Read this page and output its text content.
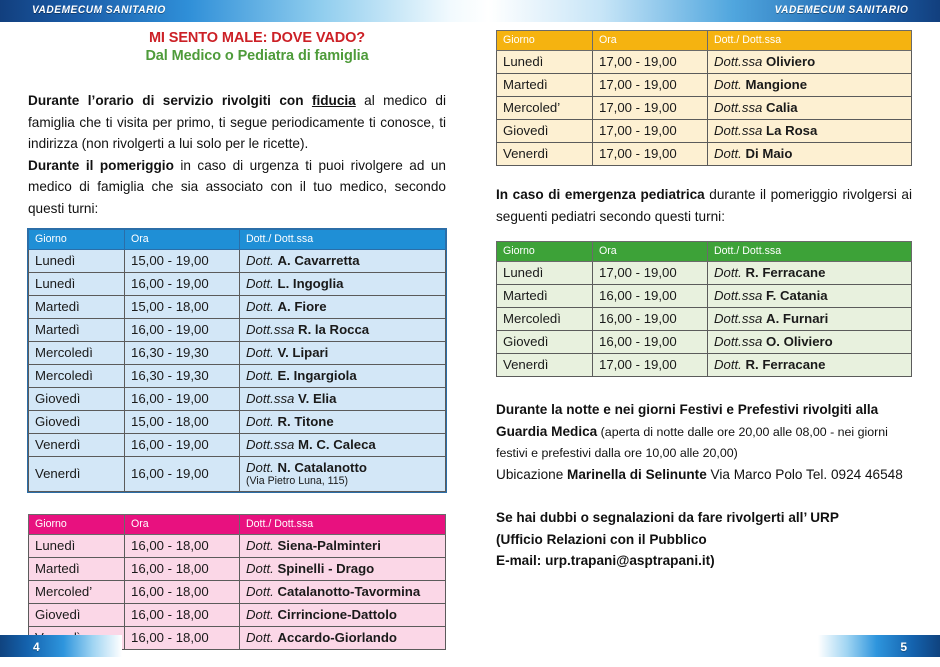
VADEMECUM SANITARIO	VADEMECUM SANITARIO
MI SENTO MALE: DOVE VADO?
Dal Medico o Pediatra di famiglia

Durante l’orario di servizio rivolgiti con fiducia al medico di famiglia che ti visita per primo, ti segue periodicamente ti conosce, ti indirizza (non rivolgerti a lui solo per le ricette).

Durante il pomeriggio in caso di urgenza ti puoi rivolgere ad un medico di famiglia che sia associato con il tuo medico, secondo questi turni:

Giorno	Ora	Dott./ Dott.ssa
Lunedì	15,00 - 19,00	Dott. A. Cavarretta
Lunedì	16,00 - 19,00	Dott. L. Ingoglia
Martedì	15,00 - 18,00	Dott. A. Fiore
Martedì	16,00 - 19,00	Dott.ssa R. la Rocca
Mercoledì	16,30 - 19,30	Dott. V. Lipari
Mercoledì	16,30 - 19,30	Dott. E. Ingargiola
Giovedì	16,00 - 19,00	Dott.ssa V. Elia
Giovedì	15,00 - 18,00	Dott. R. Titone
Venerdì	16,00 - 19,00	Dott.ssa M. C. Caleca
Venerdì	16,00 - 19,00	Dott. N. Catalanotto
(Via Pietro Luna, 115)
Giorno	Ora	Dott./ Dott.ssa
Lunedì	16,00 - 18,00	Dott. Siena-Palminteri
Martedì	16,00 - 18,00	Dott. Spinelli - Drago
Mercoled’	16,00 - 18,00	Dott. Catalanotto-Tavormina
Giovedì	16,00 - 18,00	Dott. Cirrincione-Dattolo
	16,00 - 18,00	Dott. Accardo-Giorlando
Giorno	Ora	Dott./ Dott.ssa
Lunedì	17,00 - 19,00	Dott.ssa Oliviero
Martedì	17,00 - 19,00	Dott. Mangione
Mercoled’	17,00 - 19,00	Dott.ssa Calia
Giovedì	17,00 - 19,00	Dott.ssa La Rosa
Venerdì	17,00 - 19,00	Dott. Di Maio

In caso di emergenza pediatrica durante il pomeriggio rivolgersi ai seguenti pediatri secondo questi turni:

Giorno	Ora	Dott./ Dott.ssa
Lunedì	17,00 - 19,00	Dott. R. Ferracane
Martedì	16,00 - 19,00	Dott.ssa F. Catania
Mercoledì	16,00 - 19,00	Dott.ssa A. Furnari
Giovedì	16,00 - 19,00	Dott.ssa O. Oliviero
Venerdì	17,00 - 19,00	Dott. R. Ferracane

Durante la notte e nei giorni Festivi e Prefestivi rivolgiti alla Guardia Medica (aperta di notte dalle ore 20,00 alle 08,00 - nei giorni festivi e prefestivi dalla ore 10,00 alle 20,00)

Ubicazione Marinella di Selinunte Via Marco Polo Tel. 0924 46548

Se hai dubbi o segnalazioni da fare rivolgerti all’ URP
(Ufficio Relazioni con il Pubblico
E-mail: urp.trapani@asptrapani.it)

4	5
